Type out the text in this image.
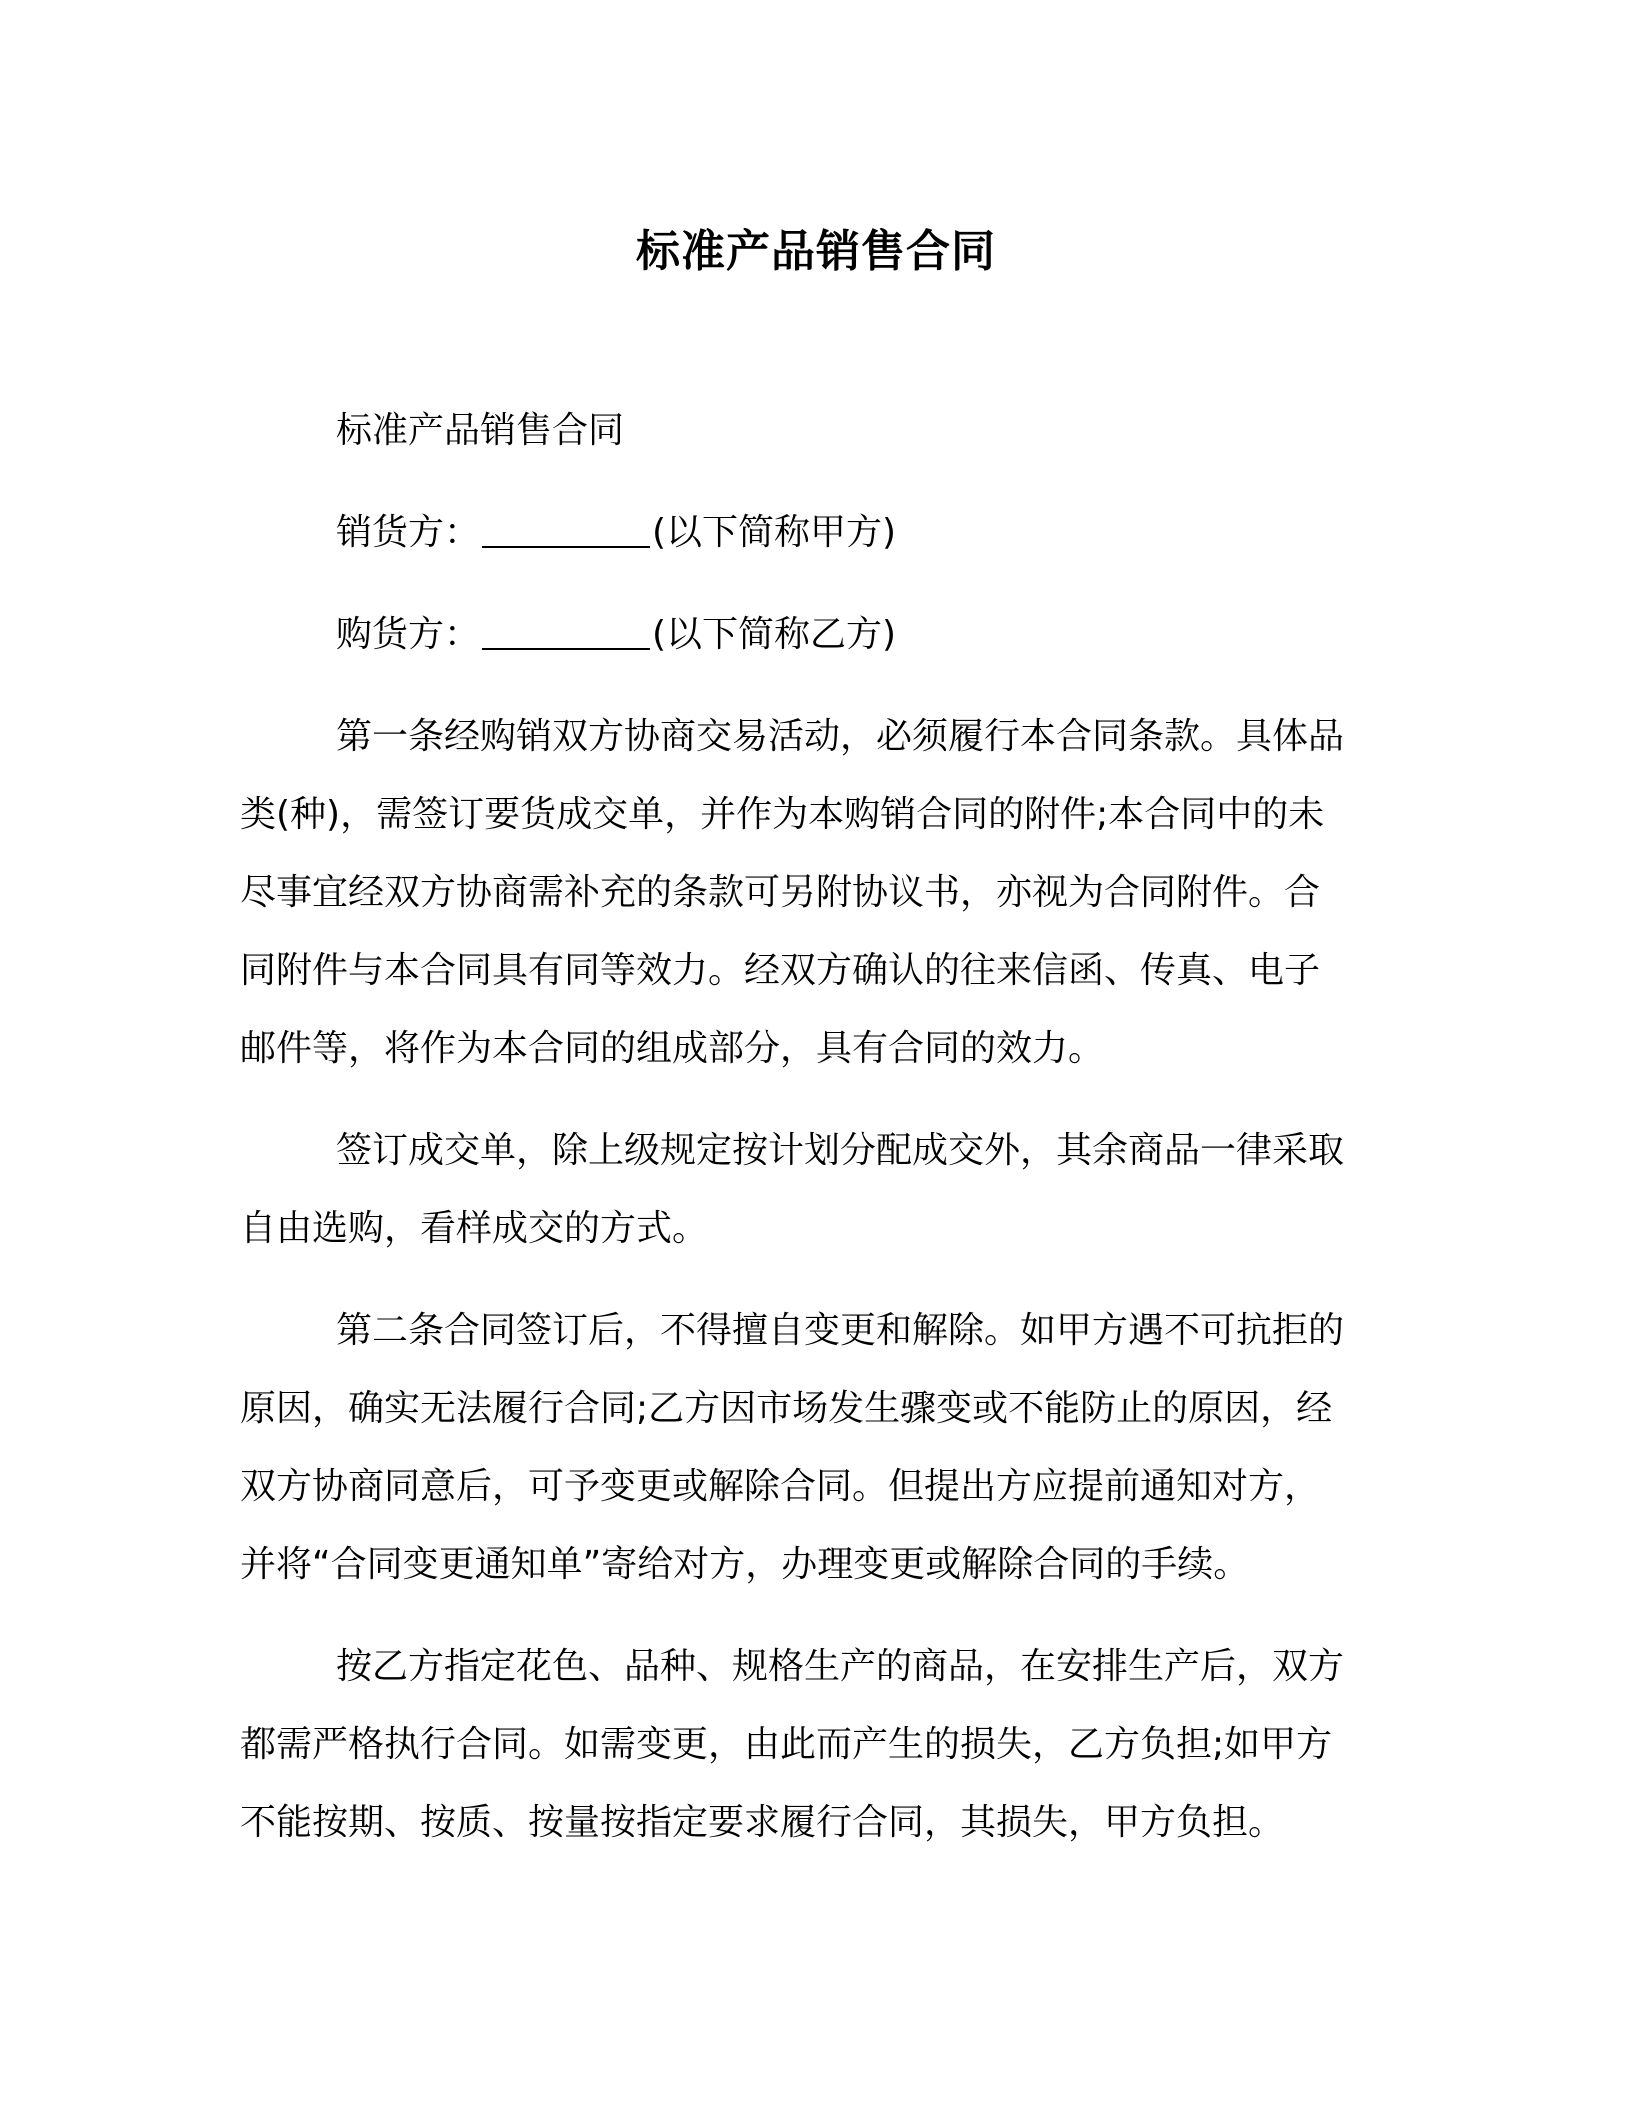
标准产品销售合同

标准产品销售合同

销货方：	(以下简称甲方)

购货方：	(以下简称乙方)

第一条经购销双方协商交易活动，必须履行本合同条款。具体品

类(种)，需签订要货成交单，并作为本购销合同的附件;本合同中的未

尽事宜经双方协商需补充的条款可另附协议书，亦视为合同附件。合

同附件与本合同具有同等效力。经双方确认的往来信函、传真、电子

邮件等，将作为本合同的组成部分，具有合同的效力。

签订成交单，除上级规定按计划分配成交外，其余商品一律采取

自由选购，看样成交的方式。

第二条合同签订后，不得擅自变更和解除。如甲方遇不可抗拒的

原因，确实无法履行合同;乙方因市场发生骤变或不能防止的原因，经

双方协商同意后，可予变更或解除合同。但提出方应提前通知对方，

并将“合同变更通知单”寄给对方，办理变更或解除合同的手续。

按乙方指定花色、品种、规格生产的商品，在安排生产后，双方

都需严格执行合同。如需变更，由此而产生的损失，乙方负担;如甲方

不能按期、按质、按量按指定要求履行合同，其损失，甲方负担。
